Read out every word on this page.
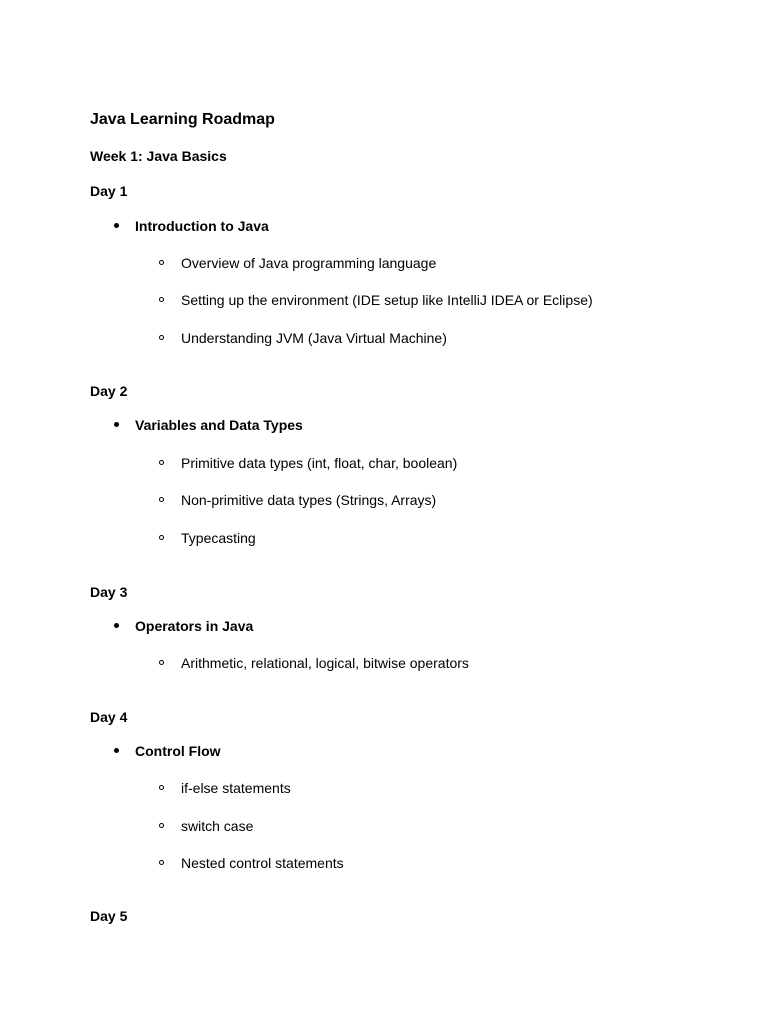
Java Learning Roadmap
Week 1: Java Basics
Day 1
Introduction to Java
Overview of Java programming language
Setting up the environment (IDE setup like IntelliJ IDEA or Eclipse)
Understanding JVM (Java Virtual Machine)
Day 2
Variables and Data Types
Primitive data types (int, float, char, boolean)
Non-primitive data types (Strings, Arrays)
Typecasting
Day 3
Operators in Java
Arithmetic, relational, logical, bitwise operators
Day 4
Control Flow
if-else statements
switch case
Nested control statements
Day 5
